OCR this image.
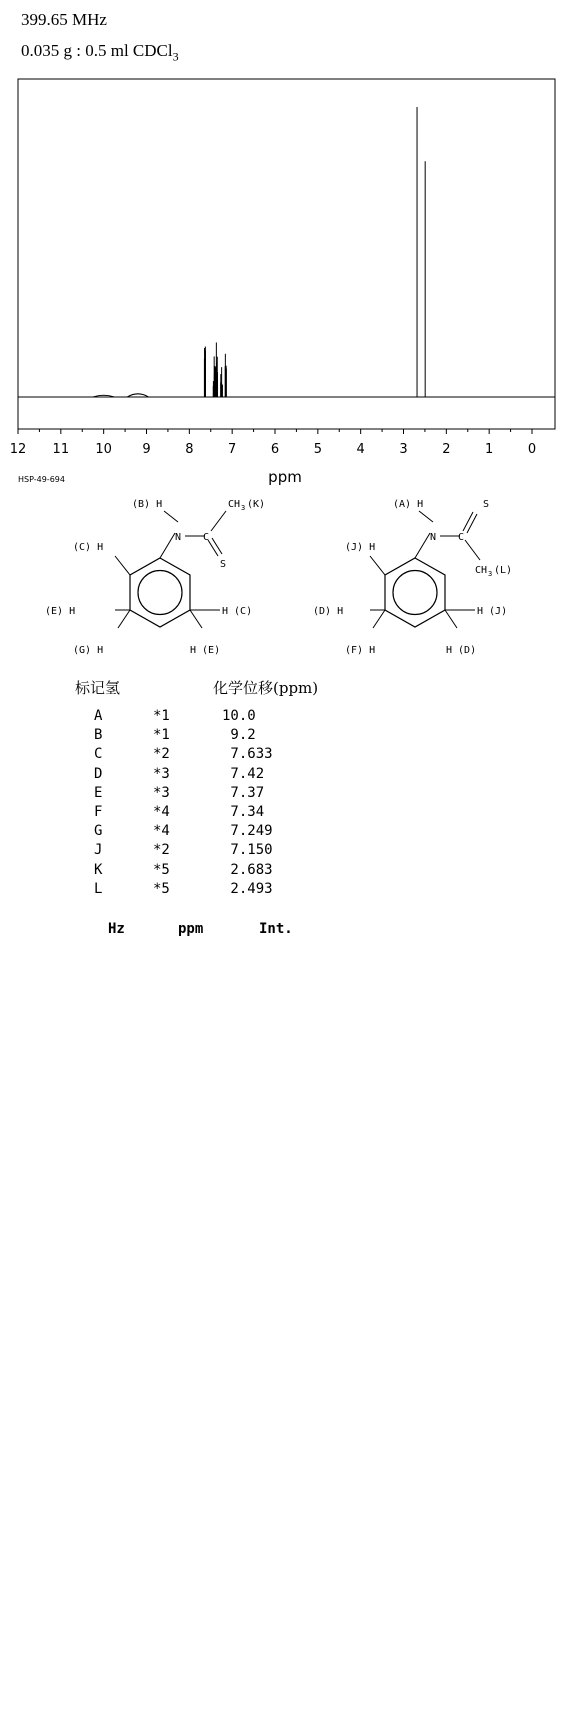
399.65 MHz
0.035 g : 0.5 ml CDCl$_3$
12 11 10 9	8	7	6	5	4	3	2	1	0
ppm
HSP-49-694
(B) H	CH 3 (K)
N C
S
(C) H
(E) H	H (C)
(G) H	H (E)
(A) H	S
N C
CH 3 (L)
(J) H
(D) H	H (J)
(F) H	H (D)
标记氢	化学位移(ppm)
A	*1	10.0
B	*1	9.2
C	*2	7.633
D	*3	7.42
E	*3	7.37
F	*4	7.34
G	*4	7.249
J	*2	7.150
K	*5	2.683
L	*5	2.493
Hz	ppm	Int.
